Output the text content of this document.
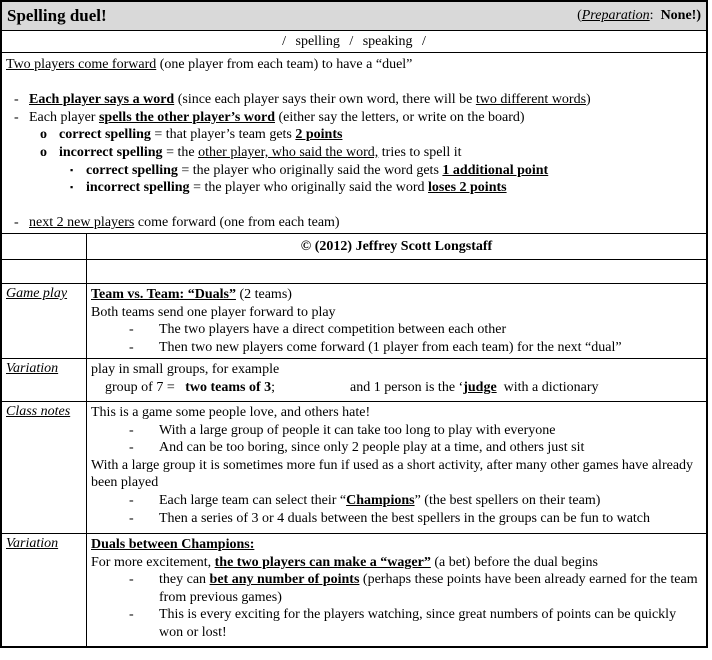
Spelling duel!	(Preparation:  None!)
/ spelling / speaking /
Two players come forward (one player from each team) to have a “duel”

- Each player says a word (since each player says their own word, there will be two different words)
- Each player spells the other player’s word (either say the letters, or write on the board)
o correct spelling = that player’s team gets 2 points
o incorrect spelling = the other player, who said the word, tries to spell it
▪ correct spelling = the player who originally said the word gets 1 additional point
▪ incorrect spelling = the player who originally said the word loses 2 points

- next 2 new players come forward (one from each team)
© (2012) Jeffrey Scott Longstaff
Game play	Team vs. Team: “Duals” (2 teams)
Both teams send one player forward to play
-	The two players have a direct competition between each other
-	Then two new players come forward (1 player from each team) for the next “dual”
Variation	play in small groups, for example
group of 7 =   two teams of 3;	and 1 person is the ‘judge  with a dictionary
Class notes	This is a game some people love, and others hate!
-	With a large group of people it can take too long to play with everyone
-	And can be too boring, since only 2 people play at a time, and others just sit
With a large group it is sometimes more fun if used as a short activity, after many other games have already been played
-	Each large team can select their “Champions” (the best spellers on their team)
-	Then a series of 3 or 4 duals between the best spellers in the groups can be fun to watch
Variation	Duals between Champions:
For more excitement, the two players can make a “wager” (a bet) before the dual begins
-	they can bet any number of points (perhaps these points have been already earned for the team from previous games)
-	This is every exciting for the players watching, since great numbers of points can be quickly won or lost!
